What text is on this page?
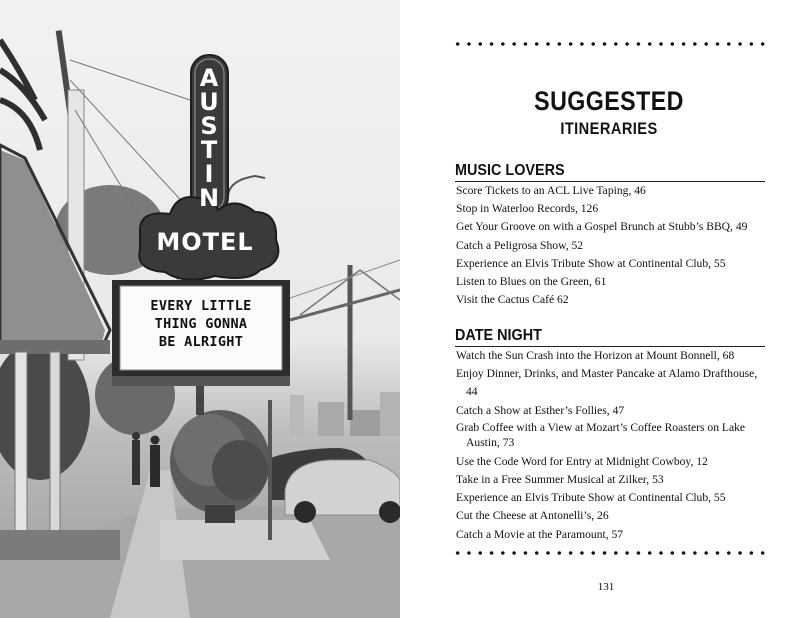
A
U
S
T
I
N
MOTEL
EVERY LITTLE
THING GONNA
BE ALRIGHT
SUGGESTED
ITINERARIES
MUSIC LOVERS
Score Tickets to an ACL Live Taping, 46
Stop in Waterloo Records, 126
Get Your Groove on with a Gospel Brunch at Stubb’s BBQ, 49
Catch a Peligrosa Show, 52
Experience an Elvis Tribute Show at Continental Club, 55
Listen to Blues on the Green, 61
Visit the Cactus Café 62
DATE NIGHT
Watch the Sun Crash into the Horizon at Mount Bonnell, 68
Enjoy Dinner, Drinks, and Master Pancake at Alamo Drafthouse, 44
Catch a Show at Esther’s Follies, 47
Grab Coffee with a View at Mozart’s Coffee Roasters on Lake Austin, 73
Use the Code Word for Entry at Midnight Cowboy, 12
Take in a Free Summer Musical at Zilker, 53
Experience an Elvis Tribute Show at Continental Club, 55
Cut the Cheese at Antonelli’s, 26
Catch a Movie at the Paramount, 57
131
